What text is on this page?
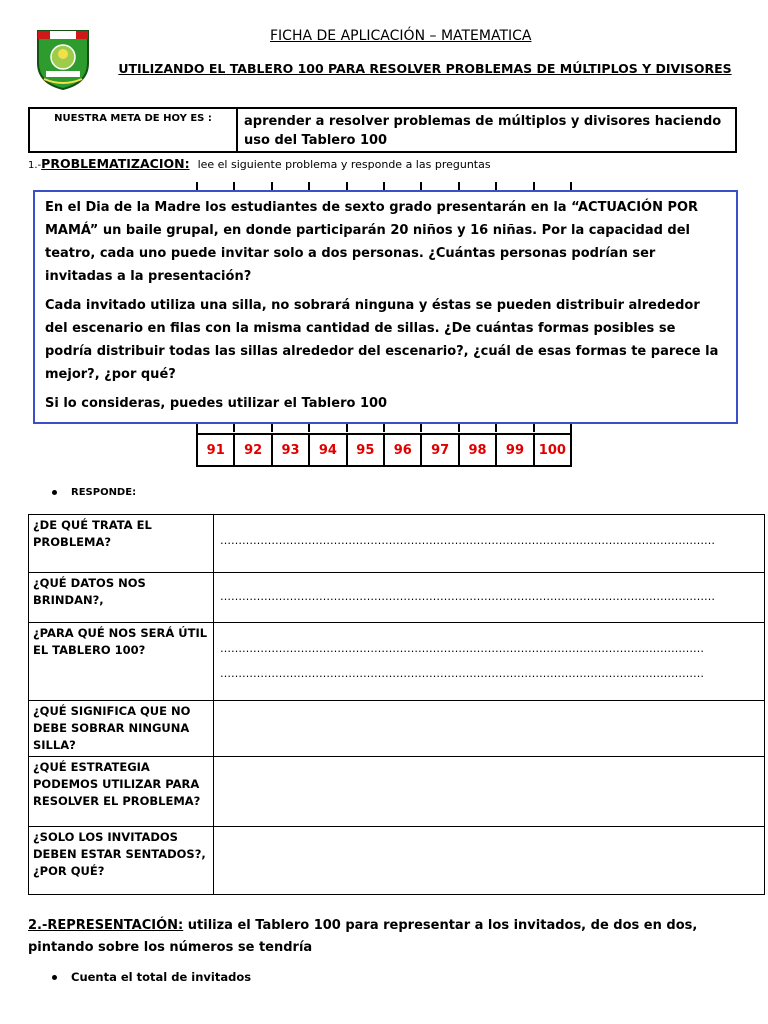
FICHA DE APLICACIÓN – MATEMATICA
UTILIZANDO EL TABLERO 100 PARA RESOLVER PROBLEMAS DE MÚLTIPLOS Y DIVISORES
NUESTRA META DE HOY ES :	aprender a resolver problemas de múltiplos y divisores haciendo uso del Tablero 100
1.-PROBLEMATIZACION: lee el siguiente problema y responde a las preguntas

En el Dia de la Madre los estudiantes de sexto grado presentarán en la “ACTUACIÓN POR MAMÁ” un baile grupal, en donde participarán 20 niños y 16 niñas. Por la capacidad del teatro, cada uno puede invitar solo a dos personas. ¿Cuántas personas podrían ser invitadas a la presentación?

Cada invitado utiliza una silla, no sobrará ninguna y éstas se pueden distribuir alrededor del escenario en filas con la misma cantidad de sillas. ¿De cuántas formas posibles se podría distribuir todas las sillas alrededor del escenario?, ¿cuál de esas formas te parece la mejor?, ¿por qué?

Si lo consideras, puedes utilizar el Tablero 100

91	92	93	94	95	96	97	98	99	100
RESPONDE:
¿DE QUÉ TRATA EL PROBLEMA?	………………………………………………………………………………………………………………………

¿QUÉ DATOS NOS BRINDAN?,	………………………………………………………………………………………………………………………

¿PARA QUÉ NOS SERÁ ÚTIL EL TABLERO 100?	……………………………………………………………………………………………………………………
……………………………………………………………………………………………………………………

¿QUÉ SIGNIFICA QUE NO DEBE SOBRAR NINGUNA SILLA?	
¿QUÉ ESTRATEGIA PODEMOS UTILIZAR PARA RESOLVER EL PROBLEMA?	

¿SOLO LOS INVITADOS DEBEN ESTAR SENTADOS?,
¿POR QUÉ?	

2.-REPRESENTACIÓN: utiliza el Tablero 100 para representar a los invitados, de dos en dos, pintando sobre los números se tendría
Cuenta el total de invitados
